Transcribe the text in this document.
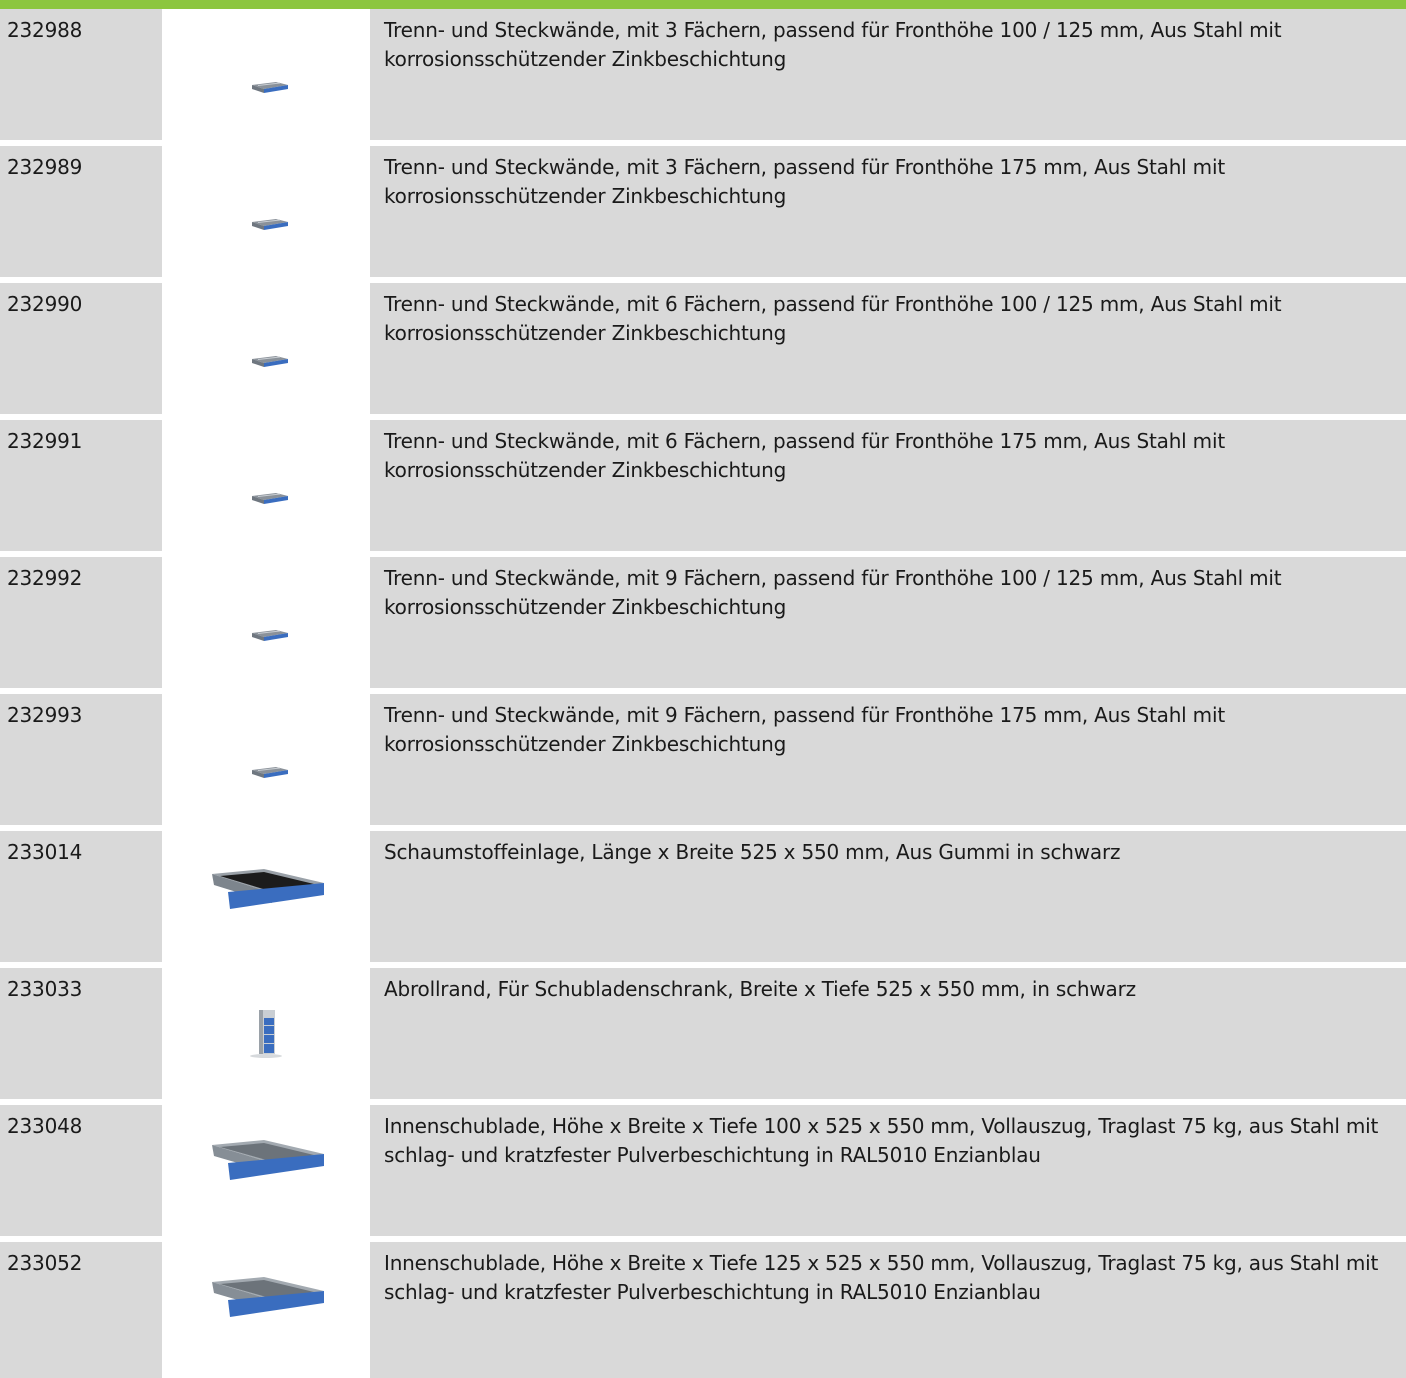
232988	Trenn- und Steckwände, mit 3 Fächern, passend für Fronthöhe 100 / 125 mm, Aus Stahl mit korrosionsschützender Zinkbeschichtung
232989	Trenn- und Steckwände, mit 3 Fächern, passend für Fronthöhe 175 mm, Aus Stahl mit korrosionsschützender Zinkbeschichtung
232990	Trenn- und Steckwände, mit 6 Fächern, passend für Fronthöhe 100 / 125 mm, Aus Stahl mit korrosionsschützender Zinkbeschichtung
232991	Trenn- und Steckwände, mit 6 Fächern, passend für Fronthöhe 175 mm, Aus Stahl mit korrosionsschützender Zinkbeschichtung
232992	Trenn- und Steckwände, mit 9 Fächern, passend für Fronthöhe 100 / 125 mm, Aus Stahl mit korrosionsschützender Zinkbeschichtung
232993	Trenn- und Steckwände, mit 9 Fächern, passend für Fronthöhe 175 mm, Aus Stahl mit korrosionsschützender Zinkbeschichtung
233014	Schaumstoffeinlage, Länge x Breite 525 x 550 mm, Aus Gummi in schwarz
233033	Abrollrand, Für Schubladenschrank, Breite x Tiefe 525 x 550 mm, in schwarz
233048	Innenschublade, Höhe x Breite x Tiefe 100 x 525 x 550 mm, Vollauszug, Traglast 75 kg, aus Stahl mit schlag- und kratzfester Pulverbeschichtung in RAL5010 Enzianblau
233052	Innenschublade, Höhe x Breite x Tiefe 125 x 525 x 550 mm, Vollauszug, Traglast 75 kg, aus Stahl mit schlag- und kratzfester Pulverbeschichtung in RAL5010 Enzianblau
